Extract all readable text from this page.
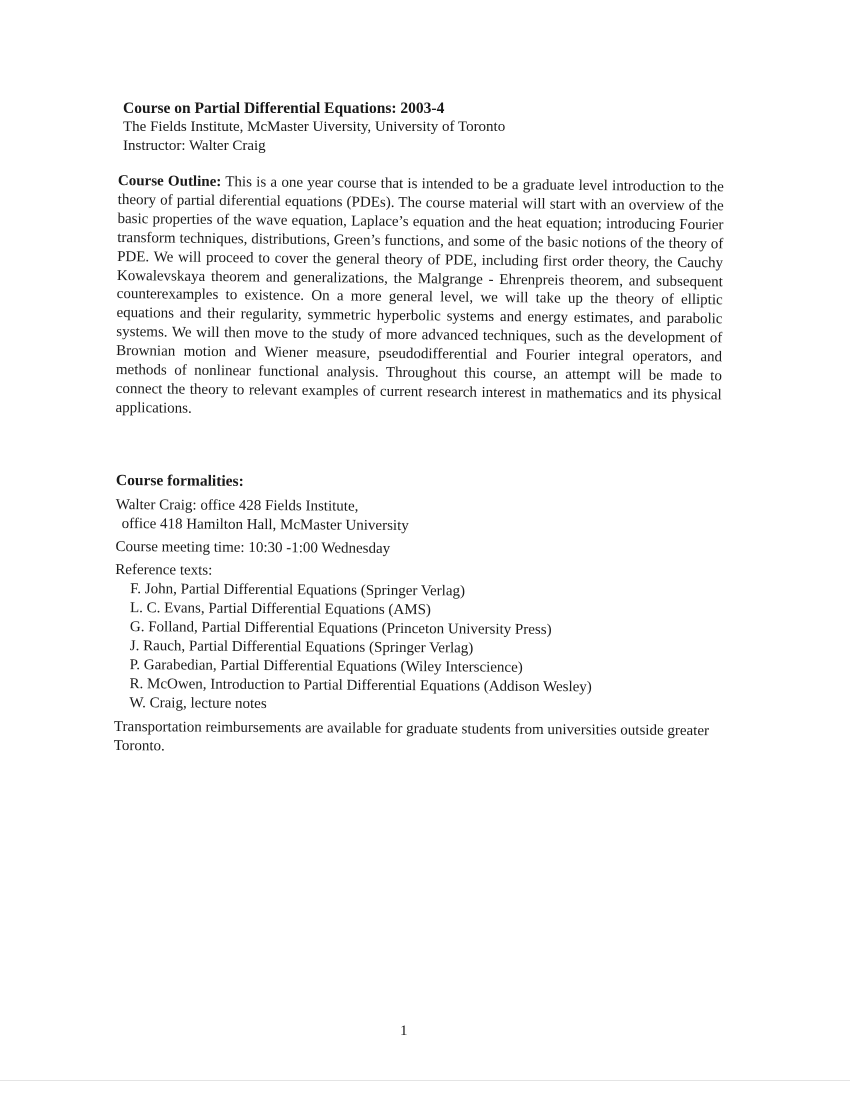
Course on Partial Differential Equations: 2003-4
The Fields Institute, McMaster Uiversity, University of Toronto
Instructor: Walter Craig
Course Outline: This is a one year course that is intended to be a graduate level introduction to the theory of partial diferential equations (PDEs). The course material will start with an overview of the basic properties of the wave equation, Laplace’s equation and the heat equation; introducing Fourier transform techniques, distributions, Green’s functions, and some of the basic notions of the theory of PDE. We will proceed to cover the general theory of PDE, including first order theory, the Cauchy Kowalevskaya theorem and generalizations, the Malgrange - Ehrenpreis theorem, and subsequent counterexamples to existence. On a more general level, we will take up the theory of elliptic equations and their regularity, symmetric hyperbolic systems and energy estimates, and parabolic systems. We will then move to the study of more advanced techniques, such as the development of Brownian motion and Wiener measure, pseudodifferential and Fourier integral operators, and methods of nonlinear functional analysis. Throughout this course, an attempt will be made to connect the theory to relevant examples of current research interest in mathematics and its physical applications.
Course formalities:
Walter Craig: office 428 Fields Institute,
office 418 Hamilton Hall, McMaster University
Course meeting time: 10:30 -1:00 Wednesday
Reference texts:
F. John, Partial Differential Equations (Springer Verlag)
L. C. Evans, Partial Differential Equations (AMS)
G. Folland, Partial Differential Equations (Princeton University Press)
J. Rauch, Partial Differential Equations (Springer Verlag)
P. Garabedian, Partial Differential Equations (Wiley Interscience)
R. McOwen, Introduction to Partial Differential Equations (Addison Wesley)
W. Craig, lecture notes
Transportation reimbursements are available for graduate students from universities outside greater Toronto.
1
